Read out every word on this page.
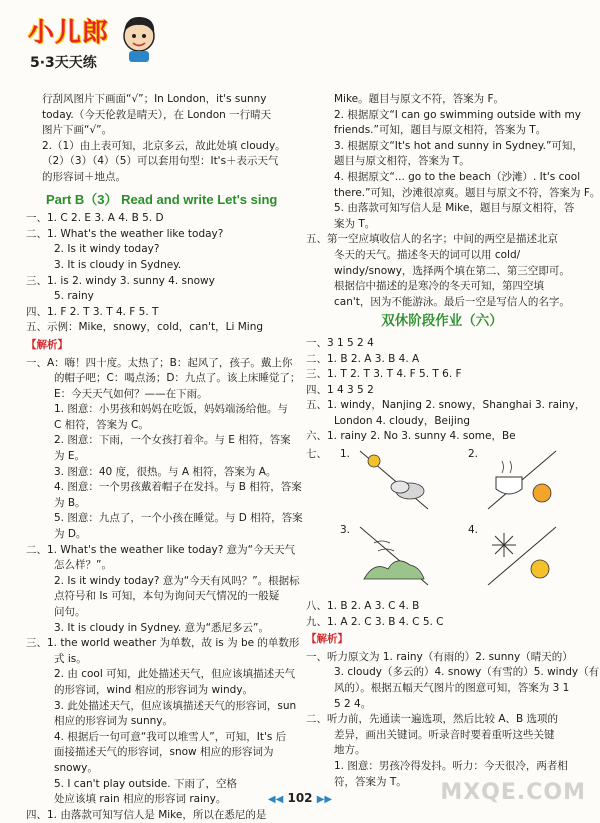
小儿郎
5·3天天练
行刮风图片下画面“√”；In London，it's sunny
today.（今天伦敦是晴天），在 London 一行晴天
图片下画“√”。
2.（1）由上表可知，北京多云，故此处填 cloudy。
（2）（3）（4）（5）可以套用句型：It's＋表示天气
的形容词＋地点。
Part B（3） Read and write Let's sing
一、1. C 2. E 3. A 4. B 5. D
二、1. What's the weather like today?
2. Is it windy today?
3. It is cloudy in Sydney.
三、1. is 2. windy 3. sunny 4. snowy
5. rainy
四、1. F 2. T 3. T 4. F 5. T
五、示例：Mike，snowy，cold，can't，Li Ming
【解析】
一、A：嗨！四十度。太热了；B：起风了，孩子。戴上你
的帽子吧；C：喝点汤；D：九点了。该上床睡觉了；
E：今天天气如何？——在下雨。
1. 图意：小男孩和妈妈在吃饭，妈妈端汤给他。与
C 相符，答案为 C。
2. 图意：下雨，一个女孩打着伞。与 E 相符，答案
为 E。
3. 图意：40 度，很热。与 A 相符，答案为 A。
4. 图意：一个男孩戴着帽子在发抖。与 B 相符，答案
为 B。
5. 图意：九点了，一个小孩在睡觉。与 D 相符，答案
为 D。
二、1. What's the weather like today? 意为“今天天气
怎么样？”。
2. Is it windy today? 意为“今天有风吗？”。根据标
点符号和 Is 可知，本句为询问天气情况的一般疑
问句。
3. It is cloudy in Sydney. 意为“悉尼多云”。
三、1. the world weather 为单数，故 is 为 be 的单数形
式 is。
2. 由 cool 可知，此处描述天气，但应该填描述天气
的形容词，wind 相应的形容词为 windy。
3. 此处描述天气，但应该填描述天气的形容词，sun
相应的形容词为 sunny。
4. 根据后一句可意“我可以堆雪人”，可知，It's 后
面接描述天气的形容词，snow 相应的形容词为
snowy。
5. I can't play outside. 下雨了，空格
处应该填 rain 相应的形容词 rainy。
四、1. 由落款可知写信人是 Mike，所以在悉尼的是
Mike。题目与原文不符，答案为 F。
2. 根据原文“I can go swimming outside with my
friends.”可知，题目与原文相符，答案为 T。
3. 根据原文“It's hot and sunny in Sydney.”可知，
题目与原文相符，答案为 T。
4. 根据原文“... go to the beach（沙滩）. It's cool
there.”可知，沙滩很凉爽。题目与原文不符，答案为 F。
5. 由落款可知写信人是 Mike，题目与原文相符，答
案为 T。
五、第一空应填收信人的名字；中间的两空是描述北京
冬天的天气。描述冬天的词可以用 cold/
windy/snowy，选择两个填在第二、第三空即可。
根据信中描述的是寒冷的冬天可知，第四空填
can't，因为不能游泳。最后一空是写信人的名字。
双休阶段作业（六）
一、3 1 5 2 4
二、1. B 2. A 3. B 4. A
三、1. T 2. T 3. T 4. F 5. T 6. F
四、1 4 3 5 2
五、1. windy，Nanjing 2. snowy，Shanghai 3. rainy，
London 4. cloudy，Beijing
六、1. rainy 2. No 3. sunny 4. some，Be
七、 1.	2.
3.	4.
八、1. B 2. A 3. C 4. B
九、1. A 2. C 3. B 4. C 5. C
【解析】
一、听力原文为 1. rainy（有雨的）2. sunny（晴天的）
3. cloudy（多云的）4. snowy（有雪的）5. windy（有
风的）。根据五幅天气图片的图意可知，答案为 3 1
5 2 4。
二、听力前，先通读一遍选项，然后比较 A、B 选项的
差异，画出关键词。听录音时要着重听这些关键
地方。
1. 图意：男孩冷得发抖。听力：今天很冷，两者相
符，答案为 T。
◀◀ 102 ▶▶	MXQE.COM
